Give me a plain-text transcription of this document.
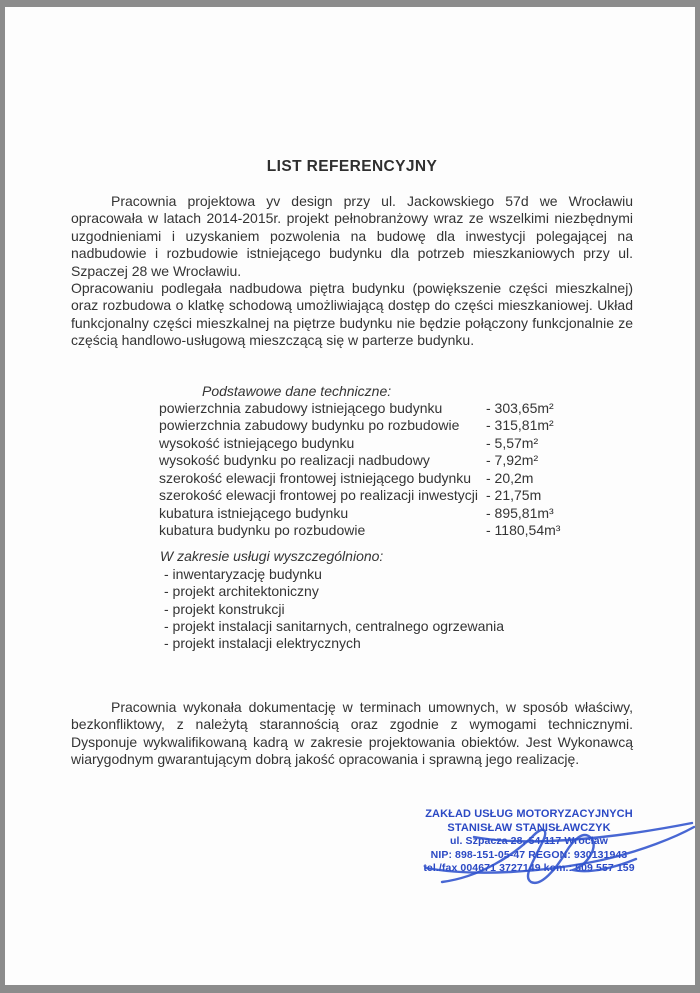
LIST REFERENCYJNY

Pracownia projektowa yv design przy ul. Jackowskiego 57d we Wrocławiu opracowała w latach 2014-2015r. projekt pełnobranżowy wraz ze wszelkimi niezbędnymi uzgodnieniami i uzyskaniem pozwolenia na budowę dla inwestycji polegającej na nadbudowie i rozbudowie istniejącego budynku dla potrzeb mieszkaniowych przy ul. Szpaczej 28 we Wrocławiu.

Opracowaniu podlegała nadbudowa piętra budynku (powiększenie części mieszkalnej) oraz rozbudowa o klatkę schodową umożliwiającą dostęp do części mieszkaniowej. Układ funkcjonalny części mieszkalnej na piętrze budynku nie będzie połączony funkcjonalnie ze częścią handlowo-usługową mieszczącą się w parterze budynku.

Podstawowe dane techniczne:
powierzchnia zabudowy istniejącego budynku	- 303,65m²
powierzchnia zabudowy budynku po rozbudowie	- 315,81m²
wysokość istniejącego budynku	- 5,57m²
wysokość budynku po realizacji nadbudowy	- 7,92m²
szerokość elewacji frontowej istniejącego budynku	- 20,2m
szerokość elewacji frontowej po realizacji inwestycji - 21,75m
kubatura istniejącego budynku	- 895,81m³
kubatura budynku po rozbudowie	- 1180,54m³
W zakresie usługi wyszczególniono:
- inwentaryzację budynku
- projekt architektoniczny
- projekt konstrukcji
- projekt instalacji sanitarnych, centralnego ogrzewania
- projekt instalacji elektrycznych

Pracownia wykonała dokumentację w terminach umownych, w sposób właściwy, bezkonfliktowy, z należytą starannością oraz zgodnie z wymogami technicznymi. Dysponuje wykwalifikowaną kadrą w zakresie projektowania obiektów. Jest Wykonawcą wiarygodnym gwarantującym dobrą jakość opracowania i sprawną jego realizację.

ZAKŁAD USŁUG MOTORYZACYJNYCH
STANISŁAW STANISŁAWCZYK
ul. Szpacza 28, 54-117 Wrocław
NIP: 898-151-05-47 REGON: 930131943
tel./fax 004671 3727149 kom.: 509 557 159
